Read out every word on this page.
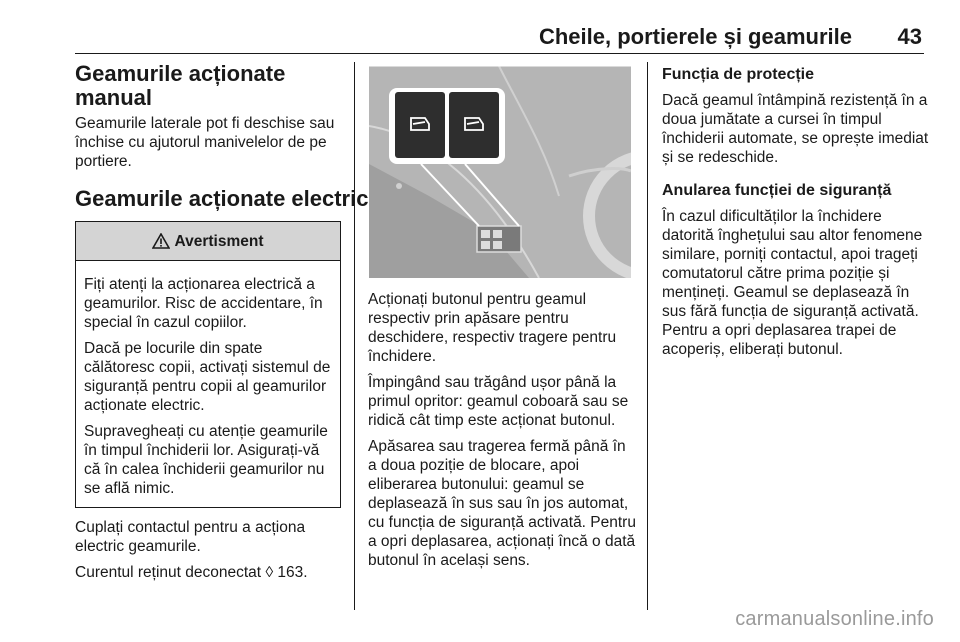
Cheile, portierele și geamurile 43
Geamurile acționate manual

Geamurile laterale pot fi deschise sau închise cu ajutorul manivelelor de pe portiere.

Geamurile acționate electric
Avertisment

Fiți atenți la acționarea electrică a geamurilor. Risc de accidentare, în special în cazul copiilor.

Dacă pe locurile din spate călătoresc copii, activați sistemul de siguranță pentru copii al geamurilor acționate electric.

Supravegheați cu atenție geamurile în timpul închiderii lor. Asigurați-vă că în calea închiderii geamurilor nu se află nimic.

Cuplați contactul pentru a acționa electric geamurile.

Curentul reținut deconectat ◊ 163.

Acționați butonul pentru geamul respectiv prin apăsare pentru deschidere, respectiv tragere pentru închidere.

Împingând sau trăgând ușor până la primul opritor: geamul coboară sau se ridică cât timp este acționat butonul.

Apăsarea sau tragerea fermă până în a doua poziție de blocare, apoi eliberarea butonului: geamul se deplasează în sus sau în jos automat, cu funcția de siguranță activată. Pentru a opri deplasarea, acționați încă o dată butonul în același sens.

Funcția de protecție

Dacă geamul întâmpină rezistență în a doua jumătate a cursei în timpul închiderii automate, se oprește imediat și se redeschide.

Anularea funcției de siguranță

În cazul dificultăților la închidere datorită înghețului sau altor fenomene similare, porniți contactul, apoi trageți comutatorul către prima poziție și mențineți. Geamul se deplasează în sus fără funcția de siguranță activată. Pentru a opri deplasarea trapei de acoperiș, eliberați butonul.

carmanualsonline.info
